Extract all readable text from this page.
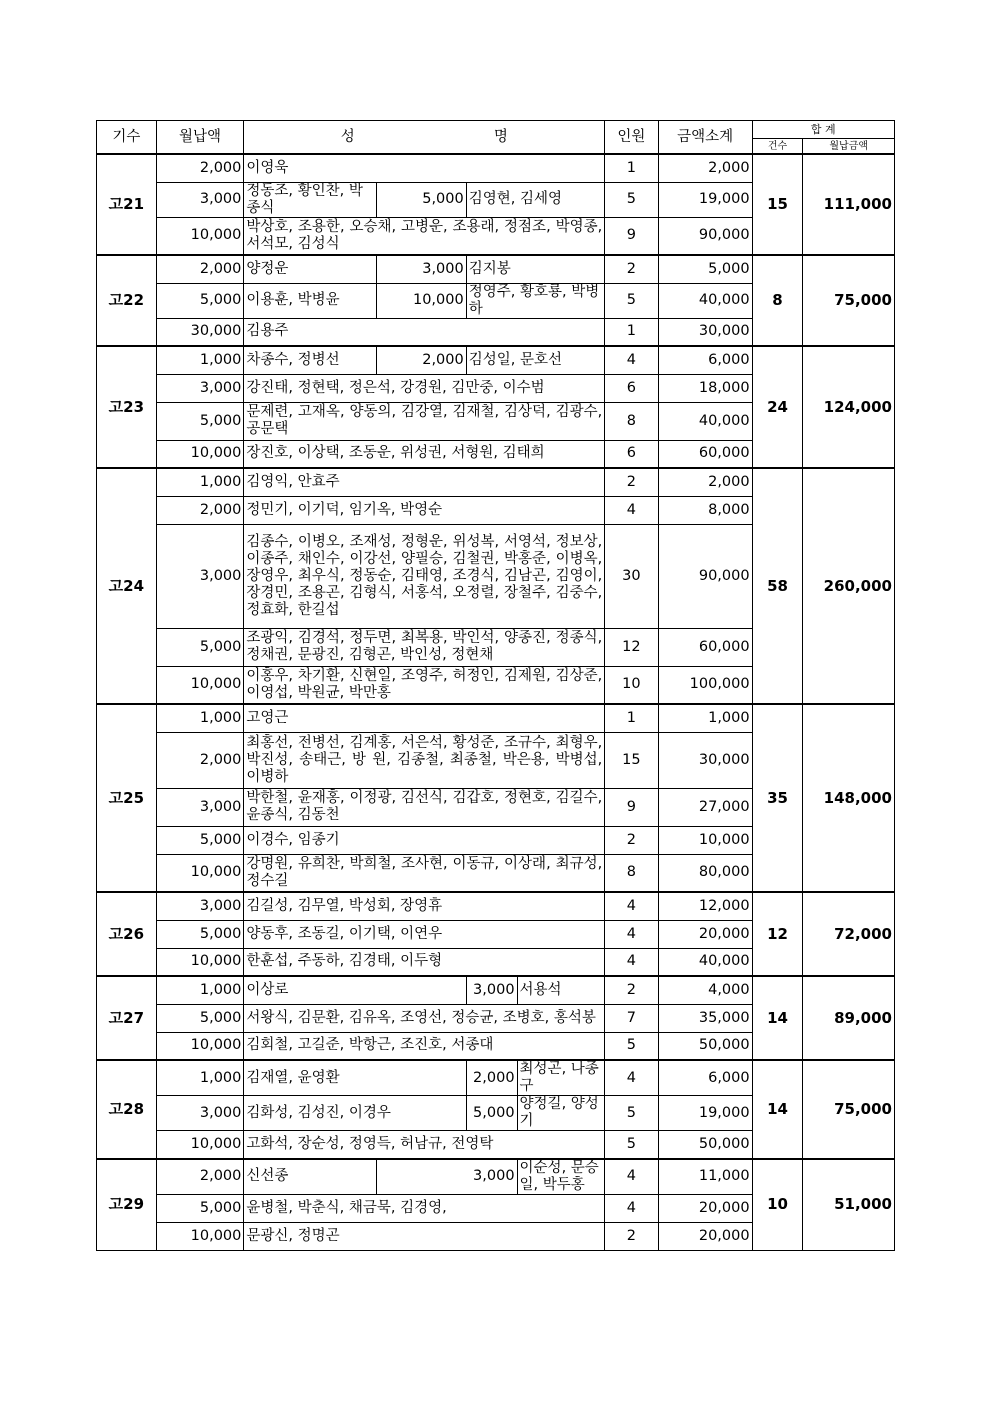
기수	월납액	성 명				인원	금액소계	합 계	
								건수	월납금액
고21	2,000	이영욱				1	2,000	15	111,000
	3,000	정동조, 황인찬, 박종식	5,000	김영현, 김세영		5	19,000		
	10,000	박상호, 조용한, 오승채, 고병운, 조용래, 정점조, 박영종, 서석모, 김성식				9	90,000		
고22	2,000	양정운	3,000	김지봉		2	5,000	8	75,000
	5,000	이용훈, 박병윤	10,000	정영주, 황호룡, 박병하		5	40,000		
	30,000	김용주				1	30,000		
고23	1,000	차종수, 정병선	2,000	김성일, 문호선		4	6,000	24	124,000
	3,000	강진태, 정현택, 정은석, 강경원, 김만중, 이수범				6	18,000		
	5,000	문제련, 고재옥, 양동의, 김강열, 김재철, 김상덕, 김광수, 공문택				8	40,000		
	10,000	장진호, 이상택, 조동운, 위성권, 서형원, 김태희				6	60,000		
고24	1,000	김영익, 안효주				2	2,000	58	260,000
	2,000	정민기, 이기덕, 임기옥, 박영순				4	8,000		
	3,000	김종수, 이병오, 조재성, 정형운, 위성복, 서영석, 정보상, 이종주, 채인수, 이강선, 양필승, 김철권, 박홍준, 이병옥, 장영우, 최우식, 정동순, 김태영, 조경식, 김남곤, 김영이, 장경민, 조용곤, 김형식, 서홍석, 오정렬, 장철주, 김중수, 정효화, 한길섭				30	90,000		
	5,000	조광익, 김경석, 정두면, 최복용, 박인석, 양종진, 정종식, 정채권, 문광진, 김형곤, 박인성, 정현채				12	60,000		
	10,000	이홍우, 차기환, 신현일, 조영주, 허정인, 김제원, 김상준, 이영섭, 박원균, 박만홍				10	100,000		
고25	1,000	고영근				1	1,000	35	148,000
	2,000	최홍선, 전병선, 김계홍, 서은석, 황성준, 조규수, 최형우, 박진성, 송태근, 방 원, 김종철, 최종철, 박은용, 박병섭, 이병하				15	30,000		
	3,000	박한철, 윤재홍, 이정광, 김선식, 김갑호, 정현호, 김길수, 윤종식, 김동천				9	27,000		
	5,000	이경수, 임종기				2	10,000		
	10,000	강명원, 유희찬, 박희철, 조사현, 이동규, 이상래, 최규성, 정수길				8	80,000		
고26	3,000	김길성, 김무열, 박성회, 장영휴				4	12,000	12	72,000
	5,000	양동후, 조동길, 이기택, 이연우				4	20,000		
	10,000	한훈섭, 주동하, 김경태, 이두형				4	40,000		
고27	1,000	이상로		3,000	서용석	2	4,000	14	89,000
	5,000	서왕식, 김문환, 김유옥, 조영선, 정승균, 조병호, 홍석봉				7	35,000		
	10,000	김회철, 고길준, 박항근, 조진호, 서종대				5	50,000		
고28	1,000	김재열, 윤영환		2,000	최성곤, 나종구	4	6,000	14	75,000
	3,000	김화성, 김성진, 이경우		5,000	양정길, 양성기	5	19,000		
	10,000	고화석, 장순성, 정영득, 허남규, 전영탁				5	50,000		
고29	2,000	신선종	3,000		이순성, 문승일, 박두홍	4	11,000	10	51,000
	5,000	윤병철, 박춘식, 채금묵, 김경영,				4	20,000		
	10,000	문광신, 정명곤				2	20,000		
